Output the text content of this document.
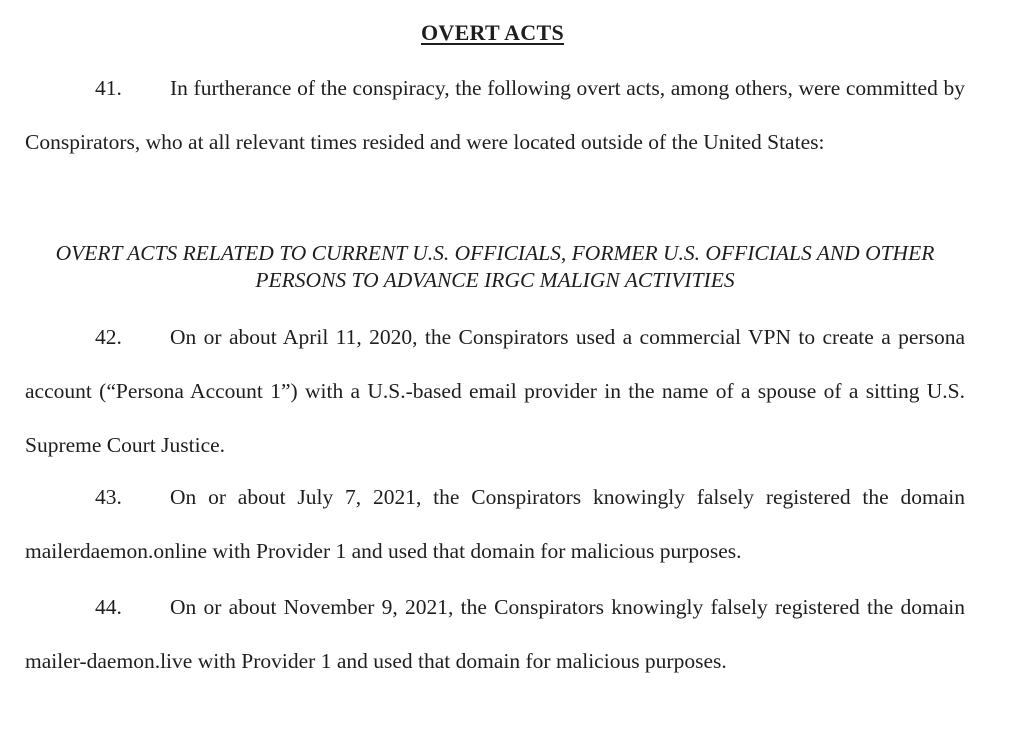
OVERT ACTS

41. In furtherance of the conspiracy, the following overt acts, among others, were committed by Conspirators, who at all relevant times resided and were located outside of the United States:

OVERT ACTS RELATED TO CURRENT U.S. OFFICIALS, FORMER U.S. OFFICIALS AND OTHER PERSONS TO ADVANCE IRGC MALIGN ACTIVITIES

42. On or about April 11, 2020, the Conspirators used a commercial VPN to create a persona account (“Persona Account 1”) with a U.S.-based email provider in the name of a spouse of a sitting U.S. Supreme Court Justice.

43. On or about July 7, 2021, the Conspirators knowingly falsely registered the domain mailerdaemon.online with Provider 1 and used that domain for malicious purposes.

44. On or about November 9, 2021, the Conspirators knowingly falsely registered the domain mailer-daemon.live with Provider 1 and used that domain for malicious purposes.
